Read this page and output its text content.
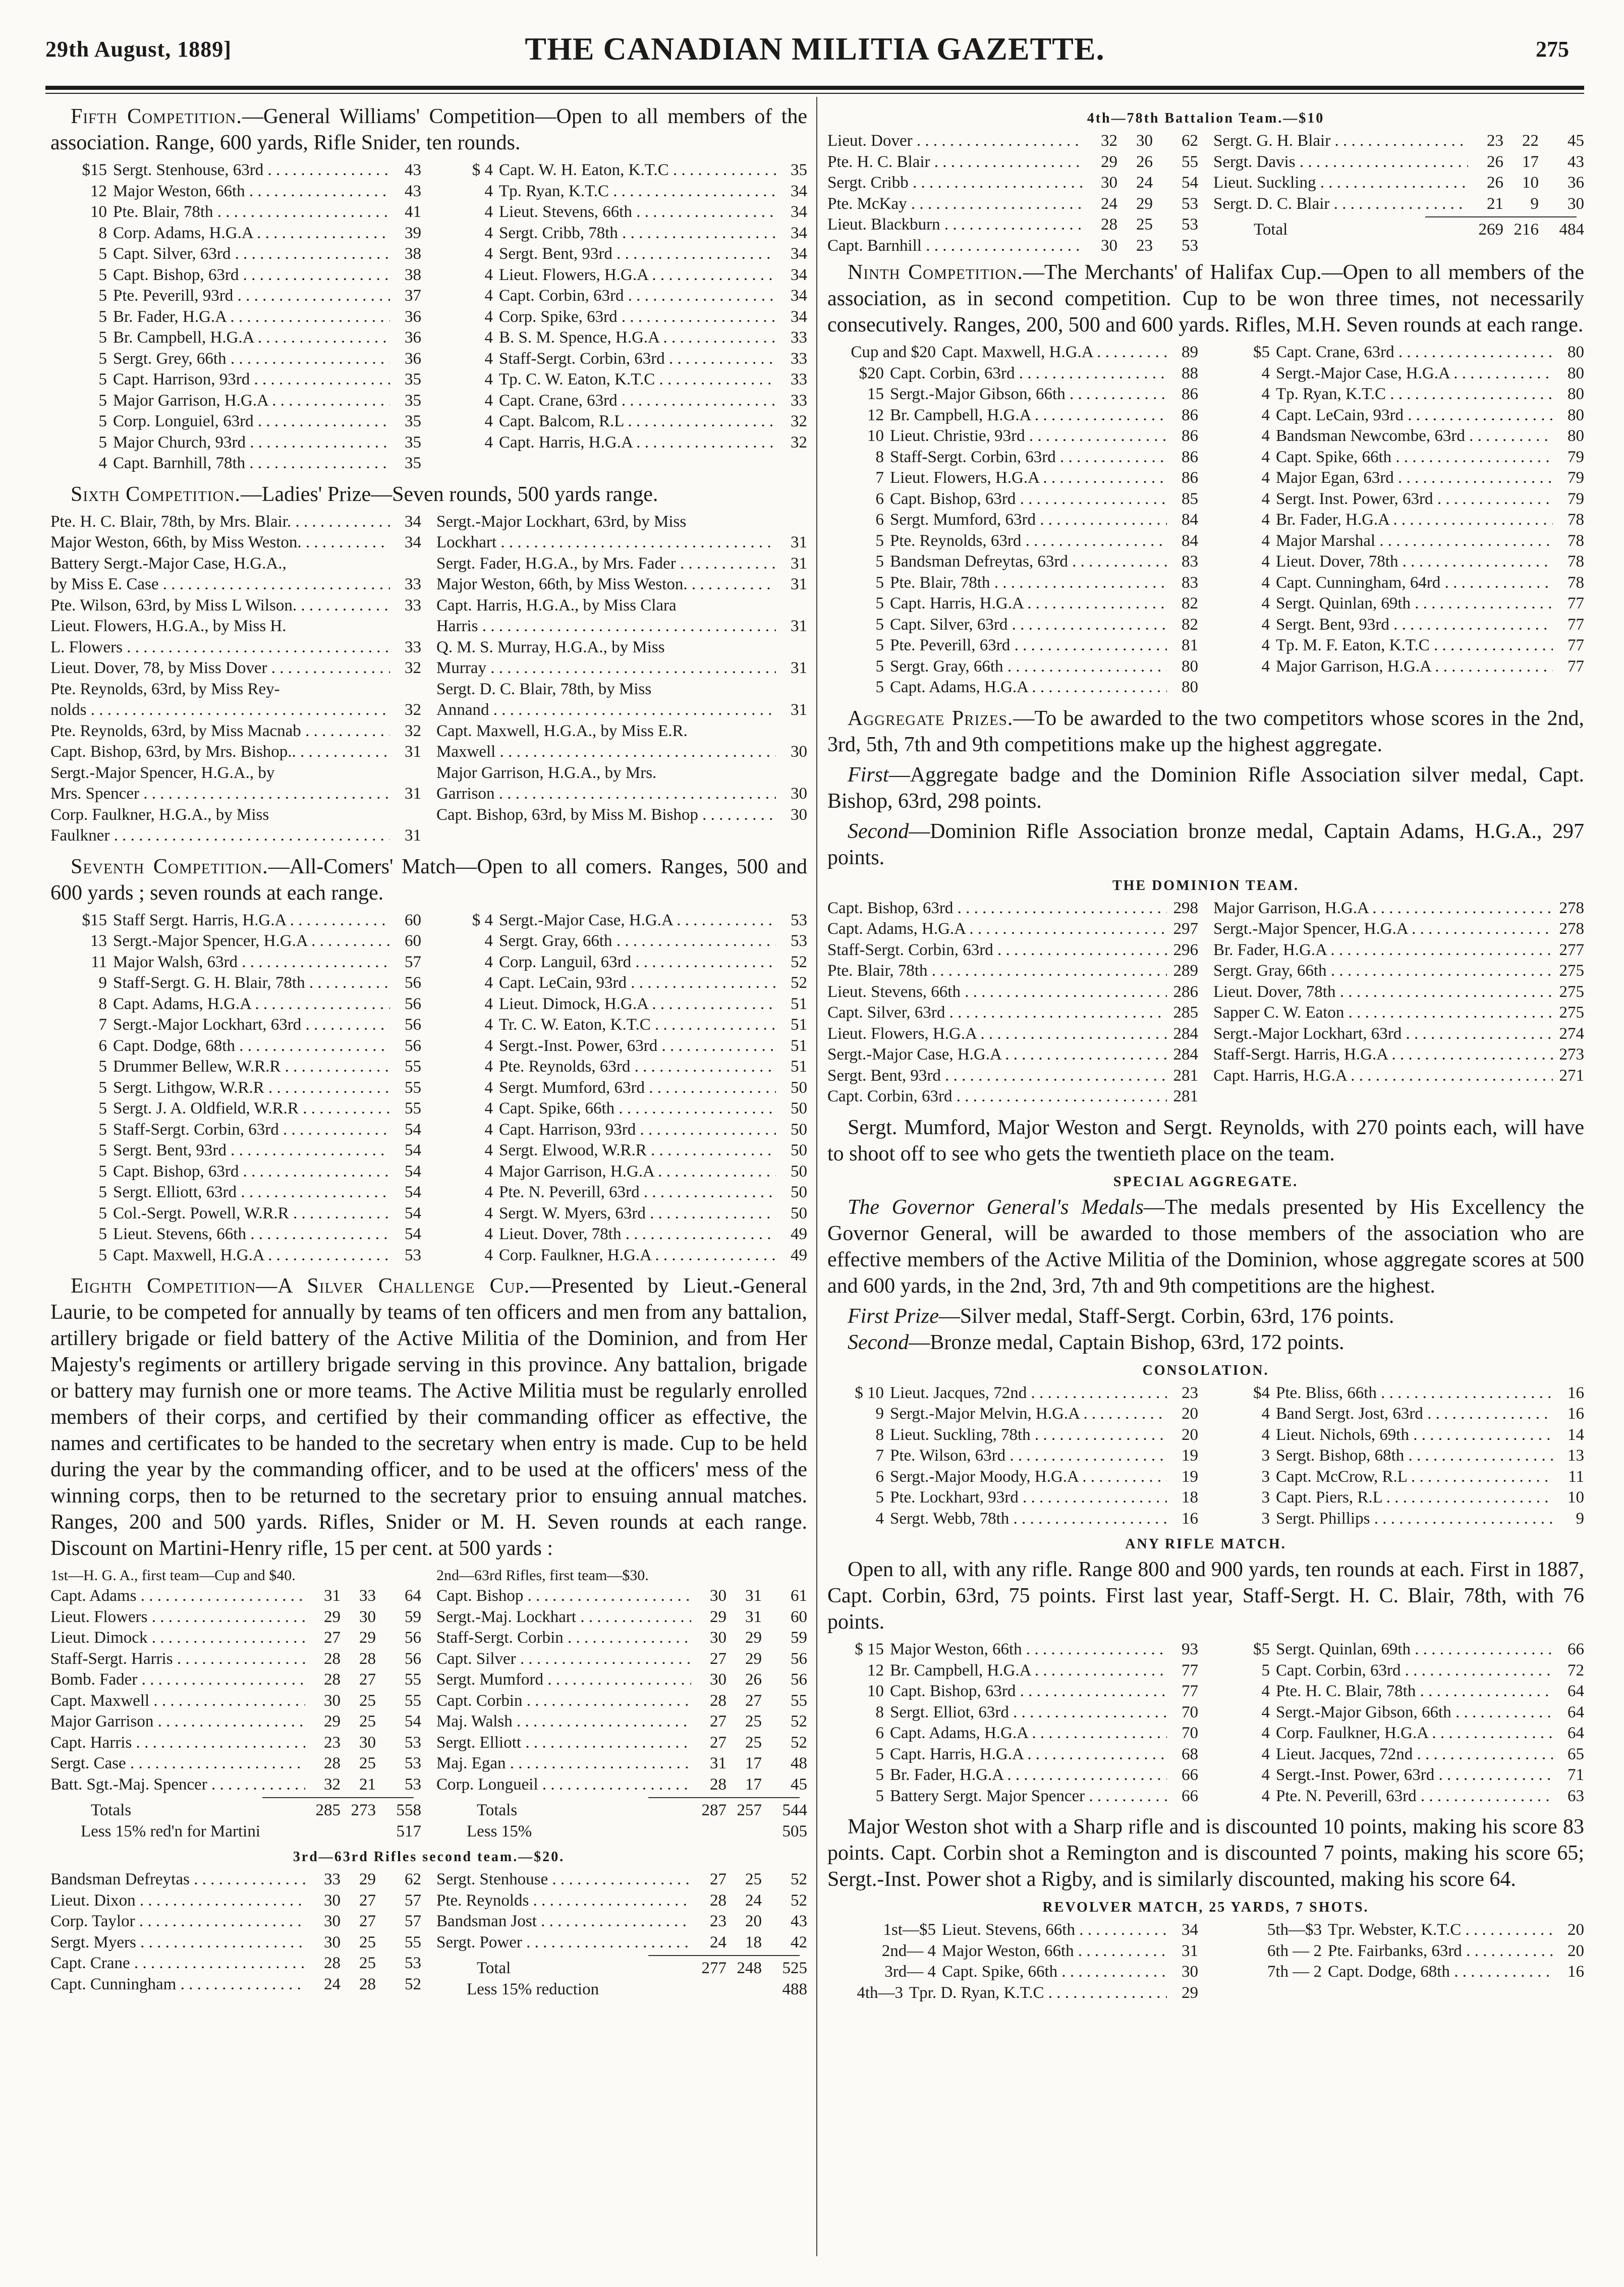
29th August, 1889]	THE CANADIAN MILITIA GAZETTE.	275

Fifth Competition.—General Williams' Competition—Open to all members of the association. Range, 600 yards, Rifle Snider, ten rounds.

$15 Sergt. Stenhouse, 63rd . . .	43
12 Major Weston, 66th . . .	43
10 Pte. Blair, 78th . . .	41
8 Corp. Adams, H.G.A . . .	39
5 Capt. Silver, 63rd . . .	38
5 Capt. Bishop, 63rd . . .	38
5 Pte. Peverill, 93rd . . .	37
5 Br. Fader, H.G.A . . .	36
5 Br. Campbell, H.G.A . . .	36
5 Sergt. Grey, 66th . . .	36
5 Capt. Harrison, 93rd . . .	35
5 Major Garrison, H.G.A . . .	35
5 Corp. Longuiel, 63rd . . .	35
5 Major Church, 93rd . . .	35
4 Capt. Barnhill, 78th . . .	35
$ 4 Capt. W. H. Eaton, K.T.C . . .	35
4 Tp. Ryan, K.T.C . . .	34
4 Lieut. Stevens, 66th . . .	34
4 Sergt. Cribb, 78th . . .	34
4 Sergt. Bent, 93rd . . .	34
4 Lieut. Flowers, H.G.A . . .	34
4 Capt. Corbin, 63rd . . .	34
4 Corp. Spike, 63rd . . .	34
4 B. S. M. Spence, H.G.A . . .	33
4 Staff-Sergt. Corbin, 63rd . . .	33
4 Tp. C. W. Eaton, K.T.C . . .	33
4 Capt. Crane, 63rd . . .	33
4 Capt. Balcom, R.L . . .	32
4 Capt. Harris, H.G.A . . .	32

Sixth Competition.—Ladies' Prize—Seven rounds, 500 yards range.

Pte. H. C. Blair, 78th, by Mrs. Blair. . . .	34
Major Weston, 66th, by Miss Weston. . . .	34
Battery Sergt.-Major Case, H.G.A.,
by Miss E. Case . . .	33
Pte. Wilson, 63rd, by Miss L Wilson. . . .	33
Lieut. Flowers, H.G.A., by Miss H.
L. Flowers . . .	33
Lieut. Dover, 78, by Miss Dover . . .	32
Pte. Reynolds, 63rd, by Miss Rey-
nolds . . .	32
Pte. Reynolds, 63rd, by Miss Macnab . . .	32
Capt. Bishop, 63rd, by Mrs. Bishop.. . . .	31
Sergt.-Major Spencer, H.G.A., by
Mrs. Spencer . . .	31
Corp. Faulkner, H.G.A., by Miss
Faulkner . . .	31
Sergt.-Major Lockhart, 63rd, by Miss
Lockhart . . .	31
Sergt. Fader, H.G.A., by Mrs. Fader . . .	31
Major Weston, 66th, by Miss Weston. . . .	31
Capt. Harris, H.G.A., by Miss Clara
Harris . . .	31
Q. M. S. Murray, H.G.A., by Miss
Murray . . .	31
Sergt. D. C. Blair, 78th, by Miss
Annand . . .	31
Capt. Maxwell, H.G.A., by Miss E.R.
Maxwell . . .	30
Major Garrison, H.G.A., by Mrs.
Garrison . . .	30
Capt. Bishop, 63rd, by Miss M. Bishop . . .	30

Seventh Competition.—All-Comers' Match—Open to all comers. Ranges, 500 and 600 yards ; seven rounds at each range.

$15 Staff Sergt. Harris, H.G.A . . .	60
13 Sergt.-Major Spencer, H.G.A . . .	60
11 Major Walsh, 63rd . . .	57
9 Staff-Sergt. G. H. Blair, 78th . . .	56
8 Capt. Adams, H.G.A . . .	56
7 Sergt.-Major Lockhart, 63rd . . .	56
6 Capt. Dodge, 68th . . .	56
5 Drummer Bellew, W.R.R . . .	55
5 Sergt. Lithgow, W.R.R . . .	55
5 Sergt. J. A. Oldfield, W.R.R . . .	55
5 Staff-Sergt. Corbin, 63rd . . .	54
5 Sergt. Bent, 93rd . . .	54
5 Capt. Bishop, 63rd . . .	54
5 Sergt. Elliott, 63rd . . .	54
5 Col.-Sergt. Powell, W.R.R . . .	54
5 Lieut. Stevens, 66th . . .	54
5 Capt. Maxwell, H.G.A . . .	53
$ 4 Sergt.-Major Case, H.G.A . . .	53
4 Sergt. Gray, 66th . . .	53
4 Corp. Languil, 63rd . . .	52
4 Capt. LeCain, 93rd . . .	52
4 Lieut. Dimock, H.G.A . . .	51
4 Tr. C. W. Eaton, K.T.C . . .	51
4 Sergt.-Inst. Power, 63rd . . .	51
4 Pte. Reynolds, 63rd . . .	51
4 Sergt. Mumford, 63rd . . .	50
4 Capt. Spike, 66th . . .	50
4 Capt. Harrison, 93rd . . .	50
4 Sergt. Elwood, W.R.R . . .	50
4 Major Garrison, H.G.A . . .	50
4 Pte. N. Peverill, 63rd . . .	50
4 Sergt. W. Myers, 63rd . . .	50
4 Lieut. Dover, 78th . . .	49
4 Corp. Faulkner, H.G.A . . .	49

Eighth Competition—A Silver Challenge Cup.—Presented by Lieut.-General Laurie, to be competed for annually by teams of ten officers and men from any battalion, artillery brigade or field battery of the Active Militia of the Dominion, and from Her Majesty's regiments or artillery brigade serving in this province. Any battalion, brigade or battery may furnish one or more teams. The Active Militia must be regularly enrolled members of their corps, and certified by their commanding officer as effective, the names and certificates to be handed to the secretary when entry is made. Cup to be held during the year by the commanding officer, and to be used at the officers' mess of the winning corps, then to be returned to the secretary prior to ensuing annual matches. Ranges, 200 and 500 yards. Rifles, Snider or M. H. Seven rounds at each range. Discount on Martini-Henry rifle, 15 per cent. at 500 yards :

1st—H. G. A., first team—Cup and $40.
Capt. Adams . . .	31	33	64
Lieut. Flowers . . .	29	30	59
Lieut. Dimock . . .	27	29	56
Staff-Sergt. Harris . . .	28	28	56
Bomb. Fader . . .	28	27	55
Capt. Maxwell . . .	30	25	55
Major Garrison . . .	29	25	54
Capt. Harris . . .	23	30	53
Sergt. Case . . .	28	25	53
Batt. Sgt.-Maj. Spencer . . .	32	21	53
Totals	285 273	558
Less 15% red'n for Martini	517
2nd—63rd Rifles, first team—$30.
Capt. Bishop . . .	30	31	61
Sergt.-Maj. Lockhart . . .	29	31	60
Staff-Sergt. Corbin . . .	30	29	59
Capt. Silver . . .	27	29	56
Sergt. Mumford . . .	30	26	56
Capt. Corbin . . .	28	27	55
Maj. Walsh . . .	27	25	52
Sergt. Elliott . . .	27	25	52
Maj. Egan . . .	31	17	48
Corp. Longueil . . .	28	17	45
Totals	287 257	544
Less 15%	505
3rd—63rd Rifles second team.—$20.
Bandsman Defreytas . . .	33	29	62
Lieut. Dixon . . .	30	27	57
Corp. Taylor . . .	30	27	57
Sergt. Myers . . .	30	25	55
Capt. Crane . . .	28	25	53
Capt. Cunningham . . .	24	28	52
Sergt. Stenhouse . . .	27	25	52
Pte. Reynolds . . .	28	24	52
Bandsman Jost . . .	23	20	43
Sergt. Power . . .	24	18	42
Total	277 248	525
Less 15% reduction	488
4th—78th Battalion Team.—$10
Lieut. Dover . . .	32	30	62
Pte. H. C. Blair . . .	29	26	55
Sergt. Cribb . . .	30	24	54
Pte. McKay . . .	24	29	53
Lieut. Blackburn . . .	28	25	53
Capt. Barnhill . . .	30	23	53
Sergt. G. H. Blair . . .	23	22	45
Sergt. Davis . . .	26	17	43
Lieut. Suckling . . .	26	10	36
Sergt. D. C. Blair . . .	21	9	30
Total	269 216	484

Ninth Competition.—The Merchants' of Halifax Cup.—Open to all members of the association, as in second competition. Cup to be won three times, not necessarily consecutively. Ranges, 200, 500 and 600 yards. Rifles, M.H. Seven rounds at each range.

Cup and $20 Capt. Maxwell, H.G.A . . .	89
$20 Capt. Corbin, 63rd . . .	88
15 Sergt.-Major Gibson, 66th . . .	86
12 Br. Campbell, H.G.A . . .	86
10 Lieut. Christie, 93rd . . .	86
8 Staff-Sergt. Corbin, 63rd . . .	86
7 Lieut. Flowers, H.G.A . . .	86
6 Capt. Bishop, 63rd . . .	85
6 Sergt. Mumford, 63rd . . .	84
5 Pte. Reynolds, 63rd . . .	84
5 Bandsman Defreytas, 63rd . . .	83
5 Pte. Blair, 78th . . .	83
5 Capt. Harris, H.G.A . . .	82
5 Capt. Silver, 63rd . . .	82
5 Pte. Peverill, 63rd . . .	81
5 Sergt. Gray, 66th . . .	80
5 Capt. Adams, H.G.A . . .	80
$5 Capt. Crane, 63rd . . .	80
4 Sergt.-Major Case, H.G.A . . .	80
4 Tp. Ryan, K.T.C . . .	80
4 Capt. LeCain, 93rd . . .	80
4 Bandsman Newcombe, 63rd . . .	80
4 Capt. Spike, 66th . . .	79
4 Major Egan, 63rd . . .	79
4 Sergt. Inst. Power, 63rd . . .	79
4 Br. Fader, H.G.A . . .	78
4 Major Marshal . . .	78
4 Lieut. Dover, 78th . . .	78
4 Capt. Cunningham, 64rd . . .	78
4 Sergt. Quinlan, 69th . . .	77
4 Sergt. Bent, 93rd . . .	77
4 Tp. M. F. Eaton, K.T.C . . .	77
4 Major Garrison, H.G.A . . .	77

Aggregate Prizes.—To be awarded to the two competitors whose scores in the 2nd, 3rd, 5th, 7th and 9th competitions make up the highest aggregate.

First—Aggregate badge and the Dominion Rifle Association silver medal, Capt. Bishop, 63rd, 298 points.

Second—Dominion Rifle Association bronze medal, Captain Adams, H.G.A., 297 points.

THE DOMINION TEAM.
Capt. Bishop, 63rd . . .	298
Capt. Adams, H.G.A . . .	297
Staff-Sergt. Corbin, 63rd . . .	296
Pte. Blair, 78th . . .	289
Lieut. Stevens, 66th . . .	286
Capt. Silver, 63rd . . .	285
Lieut. Flowers, H.G.A . . .	284
Sergt.-Major Case, H.G.A . . .	284
Sergt. Bent, 93rd . . .	281
Capt. Corbin, 63rd . . .	281
Major Garrison, H.G.A . . .	278
Sergt.-Major Spencer, H.G.A . . .	278
Br. Fader, H.G.A . . .	277
Sergt. Gray, 66th . . .	275
Lieut. Dover, 78th . . .	275
Sapper C. W. Eaton . . .	275
Sergt.-Major Lockhart, 63rd . . .	274
Staff-Sergt. Harris, H.G.A . . .	273
Capt. Harris, H.G.A . . .	271

Sergt. Mumford, Major Weston and Sergt. Reynolds, with 270 points each, will have to shoot off to see who gets the twentieth place on the team.

SPECIAL AGGREGATE.

The Governor General's Medals—The medals presented by His Excellency the Governor General, will be awarded to those members of the association who are effective members of the Active Militia of the Dominion, whose aggregate scores at 500 and 600 yards, in the 2nd, 3rd, 7th and 9th competitions are the highest.

First Prize—Silver medal, Staff-Sergt. Corbin, 63rd, 176 points.

Second—Bronze medal, Captain Bishop, 63rd, 172 points.

CONSOLATION.
$ 10 Lieut. Jacques, 72nd . . .	23
9 Sergt.-Major Melvin, H.G.A . . .	20
8 Lieut. Suckling, 78th . . .	20
7 Pte. Wilson, 63rd . . .	19
6 Sergt.-Major Moody, H.G.A . . .	19
5 Pte. Lockhart, 93rd . . .	18
4 Sergt. Webb, 78th . . .	16
$4 Pte. Bliss, 66th . . .	16
4 Band Sergt. Jost, 63rd . . .	16
4 Lieut. Nichols, 69th . . .	14
3 Sergt. Bishop, 68th . . .	13
3 Capt. McCrow, R.L . . .	11
3 Capt. Piers, R.L . . .	10
3 Sergt. Phillips . . .	9
ANY RIFLE MATCH.

Open to all, with any rifle. Range 800 and 900 yards, ten rounds at each. First in 1887, Capt. Corbin, 63rd, 75 points. First last year, Staff-Sergt. H. C. Blair, 78th, with 76 points.

$ 15 Major Weston, 66th . . .	93
12 Br. Campbell, H.G.A . . .	77
10 Capt. Bishop, 63rd . . .	77
8 Sergt. Elliot, 63rd . . .	70
6 Capt. Adams, H.G.A . . .	70
5 Capt. Harris, H.G.A . . .	68
5 Br. Fader, H.G.A . . .	66
5 Battery Sergt. Major Spencer . . .	66
$5 Sergt. Quinlan, 69th . . .	66
5 Capt. Corbin, 63rd . . .	72
4 Pte. H. C. Blair, 78th . . .	64
4 Sergt.-Major Gibson, 66th . . .	64
4 Corp. Faulkner, H.G.A . . .	64
4 Lieut. Jacques, 72nd . . .	65
4 Sergt.-Inst. Power, 63rd . . .	71
4 Pte. N. Peverill, 63rd . . .	63

Major Weston shot with a Sharp rifle and is discounted 10 points, making his score 83 points. Capt. Corbin shot a Remington and is discounted 7 points, making his score 65; Sergt.-Inst. Power shot a Rigby, and is similarly discounted, making his score 64.

REVOLVER MATCH, 25 YARDS, 7 SHOTS.
1st—$5 Lieut. Stevens, 66th . . .	34
2nd— 4 Major Weston, 66th . . .	31
3rd— 4 Capt. Spike, 66th . . .	30
4th—3 Tpr. D. Ryan, K.T.C . . .	29
5th—$3 Tpr. Webster, K.T.C . . .	20
6th — 2 Pte. Fairbanks, 63rd . . .	20
7th — 2 Capt. Dodge, 68th . . .	16
